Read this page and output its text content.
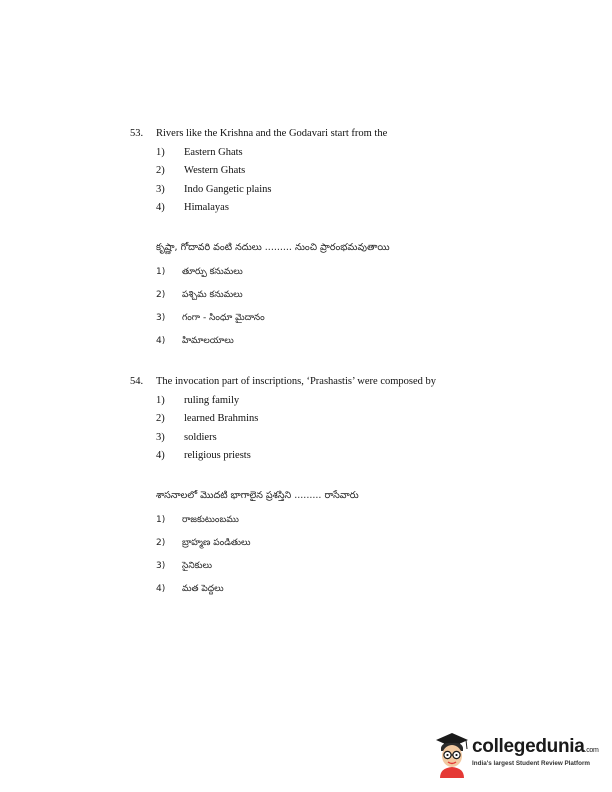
53. Rivers like the Krishna and the Godavari start from the
1) Eastern Ghats
2) Western Ghats
3) Indo Gangetic plains
4) Himalayas
కృష్ణా, గోదావరి వంటి నదులు ......... నుంచి ప్రారంభమవుతాయి
1) తూర్పు కనుమలు
2) పశ్చిమ కనుమలు
3) గంగా - సింధూ మైదానం
4) హిమాలయాలు
54. The invocation part of inscriptions, ‘Prashastis’ were composed by
1) ruling family
2) learned Brahmins
3) soldiers
4) religious priests
శాసనాలలో మొదటి భాగాలైన ప్రశస్తిని ......... రాసేవారు
1) రాజకుటుంబము
2) బ్రాహ్మణ పండితులు
3) సైనికులు
4) మత పెద్దలు
collegedunia.com
India's largest Student Review Platform
